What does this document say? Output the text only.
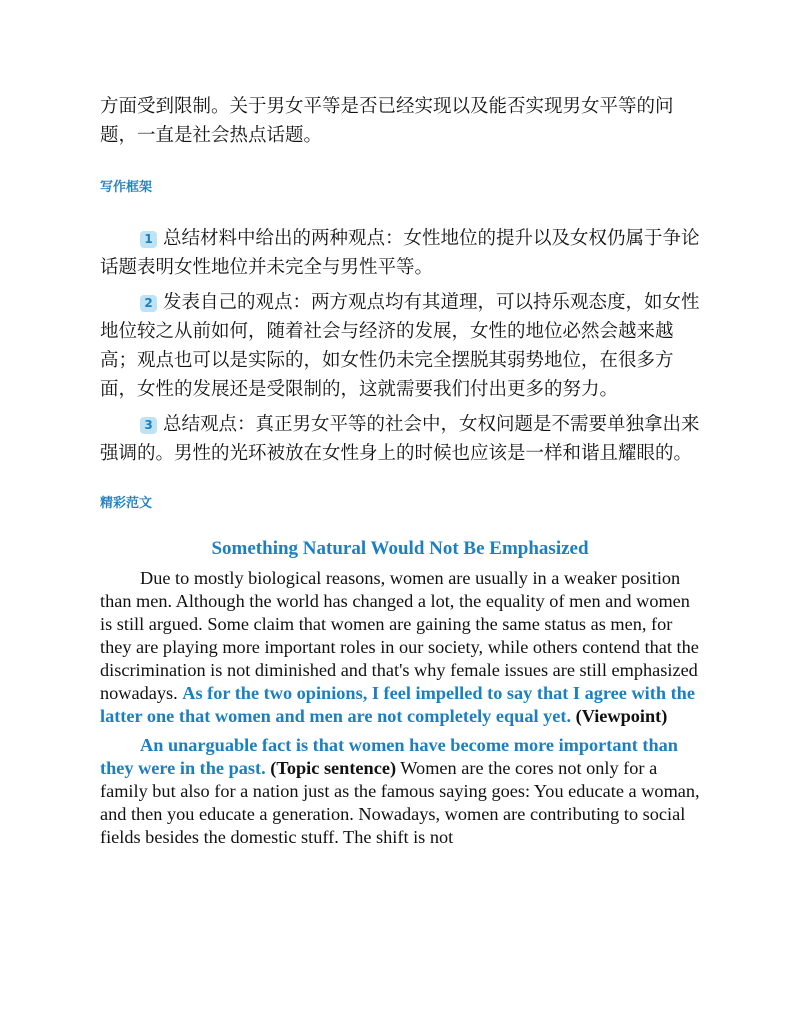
方面受到限制。关于男女平等是否已经实现以及能否实现男女平等的问题，一直是社会热点话题。

写作框架

1 总结材料中给出的两种观点：女性地位的提升以及女权仍属于争论话题表明女性地位并未完全与男性平等。

2 发表自己的观点：两方观点均有其道理，可以持乐观态度，如女性地位较之从前如何，随着社会与经济的发展，女性的地位必然会越来越高；观点也可以是实际的，如女性仍未完全摆脱其弱势地位，在很多方面，女性的发展还是受限制的，这就需要我们付出更多的努力。

3 总结观点：真正男女平等的社会中，女权问题是不需要单独拿出来强调的。男性的光环被放在女性身上的时候也应该是一样和谐且耀眼的。

精彩范文
Something Natural Would Not Be Emphasized

Due to mostly biological reasons, women are usually in a weaker position than men. Although the world has changed a lot, the equality of men and women is still argued. Some claim that women are gaining the same status as men, for they are playing more important roles in our society, while others contend that the discrimination is not diminished and that's why female issues are still emphasized nowadays. As for the two opinions, I feel impelled to say that I agree with the latter one that women and men are not completely equal yet. (Viewpoint)

An unarguable fact is that women have become more important than they were in the past. (Topic sentence) Women are the cores not only for a family but also for a nation just as the famous saying goes: You educate a woman, and then you educate a generation. Nowadays, women are contributing to social fields besides the domestic stuff. The shift is not
